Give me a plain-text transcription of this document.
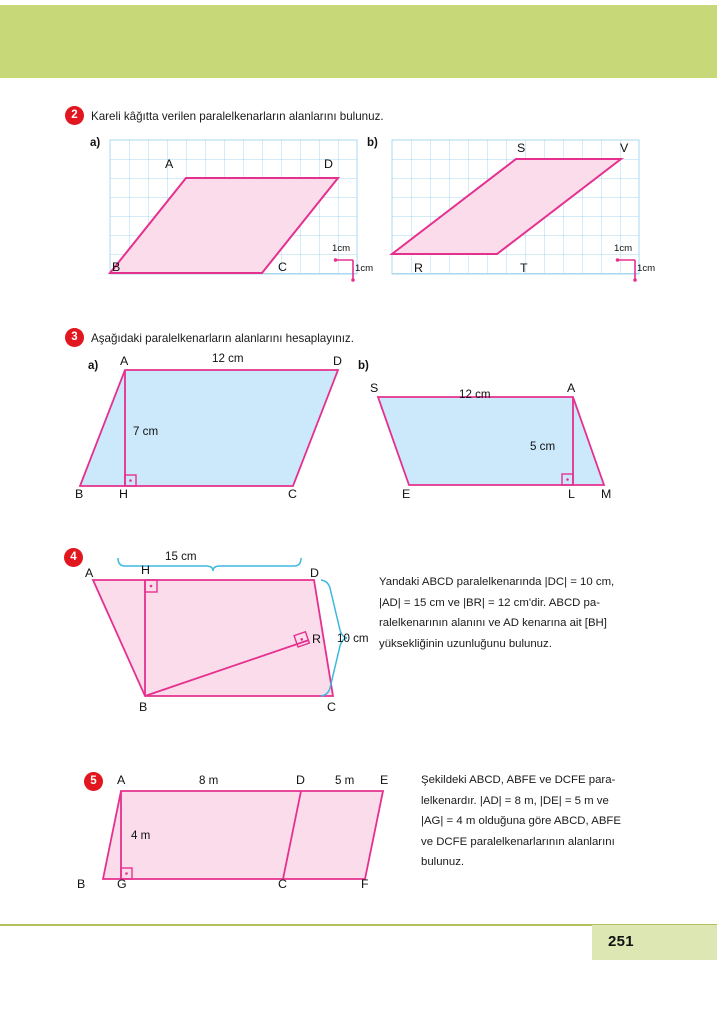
2	Kareli kâğıtta verilen paralelkenarların alanlarını bulunuz.
a)
A	D
B	C
1cm
1cm
b)	S	V
R	T
1cm
1cm
3	Aşağıdaki paralelkenarların alanlarını hesaplayınız.
a) A	D
B	H	C
12 cm
7 cm
b)
S	A
E	L M
12 cm
5 cm
4	15 cm
10 cm
A	H	D
R
B	C
Yandaki ABCD paralelkenarında |DC| = 10 cm,
|AD| = 15 cm ve |BR| = 12 cm'dir. ABCD pa-
ralelkenarının alanını ve AD kenarına ait [BH]
yüksekliğinin uzunluğunu bulunuz.
5	A	D	E
B	G	C	F
8 m	5 m
4 m
Şekildeki ABCD, ABFE ve DCFE para-
lelkenardır. |AD| = 8 m, |DE| = 5 m ve
|AG| = 4 m olduğuna göre ABCD, ABFE
ve DCFE paralelkenarlarının alanlarını
bulunuz.
251
